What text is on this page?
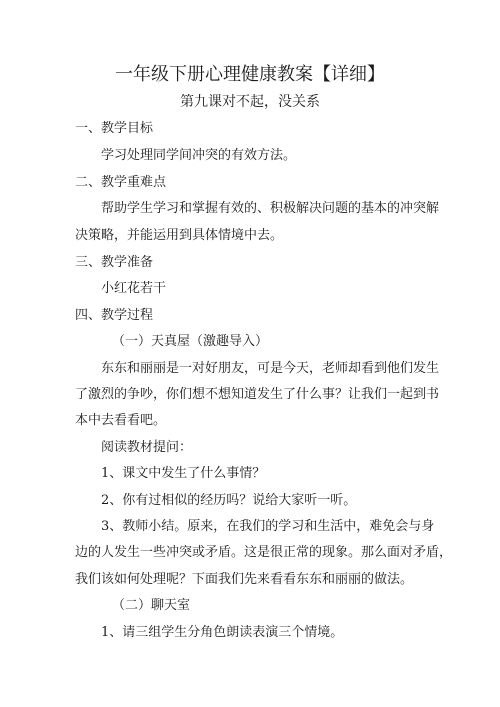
一年级下册心理健康教案【详细】
第九课对不起，没关系
一、教学目标
学习处理同学间冲突的有效方法。
二、教学重难点
帮助学生学习和掌握有效的、积极解决问题的基本的冲突解
决策略，并能运用到具体情境中去。
三、教学准备
小红花若干
四、教学过程
（一）天真屋（激趣导入）
东东和丽丽是一对好朋友，可是今天，老师却看到他们发生
了激烈的争吵，你们想不想知道发生了什么事？让我们一起到书
本中去看看吧。
阅读教材提问：
1、课文中发生了什么事情？
2、你有过相似的经历吗？说给大家听一听。
3、教师小结。原来，在我们的学习和生活中，难免会与身
边的人发生一些冲突或矛盾。这是很正常的现象。那么面对矛盾，
我们该如何处理呢？下面我们先来看看东东和丽丽的做法。
（二）聊天室
1、请三组学生分角色朗读表演三个情境。
